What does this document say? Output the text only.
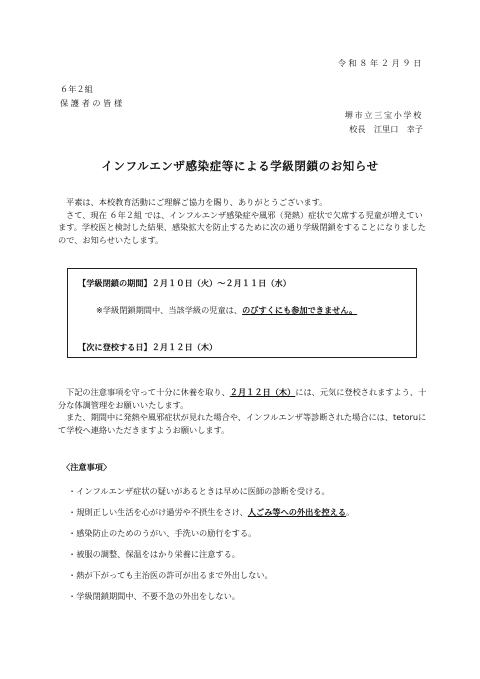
令和８年２月９日
６年２組
保護者の皆様
堺市立三宝小学校
校長　江里口　幸子
インフルエンザ感染症等による学級閉鎖のお知らせ

平素は、本校教育活動にご理解ご協力を賜り、ありがとうございます。

さて、現在 ６年２組 では、インフルエンザ感染症や風邪（発熱）症状で欠席する児童が増えています。学校医と検討した結果、感染拡大を防止するために次の通り学級閉鎖をすることになりましたので、お知らせいたします。

【学級閉鎖の期間】２月１０日（火）～２月１１日（水）
※学級閉鎖期間中、当該学級の児童は、のびすくにも参加できません。
【次に登校する日】２月１２日（木）

下記の注意事項を守って十分に休養を取り、２月１２日（木）には、元気に登校されますよう、十分な体調管理をお願いいたします。

また、期間中に発熱や風邪症状が見れた場合や、インフルエンザ等診断された場合には、tetoruにて学校へ連絡いただきますようお願いします。

〈注意事項〉
・インフルエンザ症状の疑いがあるときは早めに医師の診断を受ける。
・規則正しい生活を心がけ過労や不摂生をさけ、人ごみ等への外出を控える。
・感染防止のためのうがい、手洗いの励行をする。
・被服の調整、保温をはかり栄養に注意する。
・熱が下がっても主治医の許可が出るまで外出しない。
・学級閉鎖期間中、不要不急の外出をしない。
